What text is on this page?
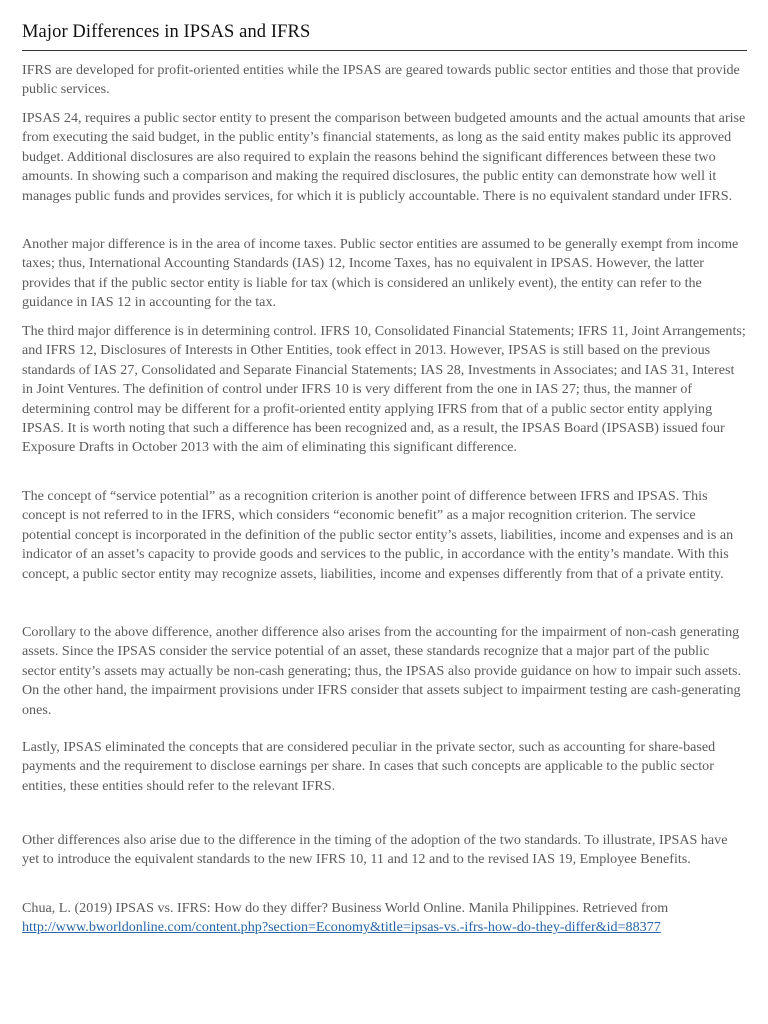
Major Differences in IPSAS and IFRS

IFRS are developed for profit-oriented entities while the IPSAS are geared towards public sector entities and those that provide public services.

IPSAS 24, requires a public sector entity to present the comparison between budgeted amounts and the actual amounts that arise from executing the said budget, in the public entity’s financial statements, as long as the said entity makes public its approved budget. Additional disclosures are also required to explain the reasons behind the significant differences between these two amounts. In showing such a comparison and making the required disclosures, the public entity can demonstrate how well it manages public funds and provides services, for which it is publicly accountable. There is no equivalent standard under IFRS.

Another major difference is in the area of income taxes. Public sector entities are assumed to be generally exempt from income taxes; thus, International Accounting Standards (IAS) 12, Income Taxes, has no equivalent in IPSAS. However, the latter provides that if the public sector entity is liable for tax (which is considered an unlikely event), the entity can refer to the guidance in IAS 12 in accounting for the tax.

The third major difference is in determining control. IFRS 10, Consolidated Financial Statements; IFRS 11, Joint Arrangements; and IFRS 12, Disclosures of Interests in Other Entities, took effect in 2013. However, IPSAS is still based on the previous standards of IAS 27, Consolidated and Separate Financial Statements; IAS 28, Investments in Associates; and IAS 31, Interest in Joint Ventures. The definition of control under IFRS 10 is very different from the one in IAS 27; thus, the manner of determining control may be different for a profit-oriented entity applying IFRS from that of a public sector entity applying IPSAS. It is worth noting that such a difference has been recognized and, as a result, the IPSAS Board (IPSASB) issued four Exposure Drafts in October 2013 with the aim of eliminating this significant difference.

The concept of “service potential” as a recognition criterion is another point of difference between IFRS and IPSAS. This concept is not referred to in the IFRS, which considers “economic benefit” as a major recognition criterion. The service potential concept is incorporated in the definition of the public sector entity’s assets, liabilities, income and expenses and is an indicator of an asset’s capacity to provide goods and services to the public, in accordance with the entity’s mandate. With this concept, a public sector entity may recognize assets, liabilities, income and expenses differently from that of a private entity.

Corollary to the above difference, another difference also arises from the accounting for the impairment of non-cash generating assets. Since the IPSAS consider the service potential of an asset, these standards recognize that a major part of the public sector entity’s assets may actually be non-cash generating; thus, the IPSAS also provide guidance on how to impair such assets. On the other hand, the impairment provisions under IFRS consider that assets subject to impairment testing are cash-generating ones.

Lastly, IPSAS eliminated the concepts that are considered peculiar in the private sector, such as accounting for share-based payments and the requirement to disclose earnings per share. In cases that such concepts are applicable to the public sector entities, these entities should refer to the relevant IFRS.

Other differences also arise due to the difference in the timing of the adoption of the two standards. To illustrate, IPSAS have yet to introduce the equivalent standards to the new IFRS 10, 11 and 12 and to the revised IAS 19, Employee Benefits.

Chua, L. (2019) IPSAS vs. IFRS: How do they differ? Business World Online. Manila Philippines. Retrieved from
http://www.bworldonline.com/content.php?section=Economy&title=ipsas-vs.-ifrs-how-do-they-differ&id=88377
